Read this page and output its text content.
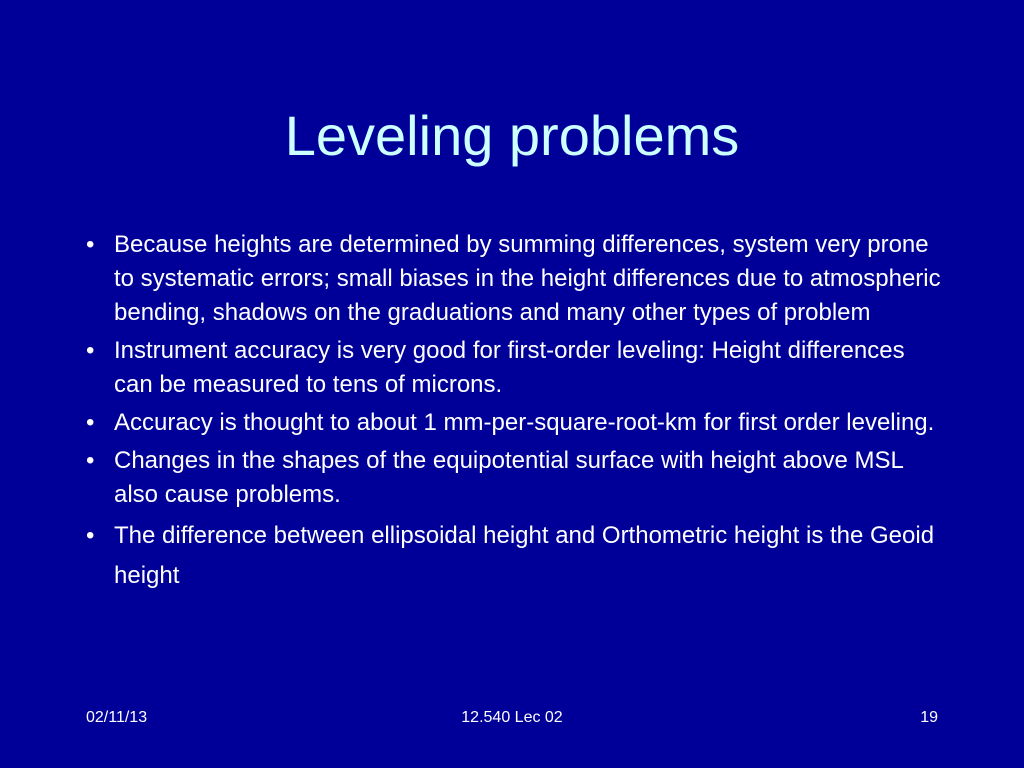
Leveling problems
• Because heights are determined by summing differences, system very prone to systematic errors; small biases in the height differences due to atmospheric bending, shadows on the graduations and many other types of problem
• Instrument accuracy is very good for first-order leveling: Height differences can be measured to tens of microns.
• Accuracy is thought to about 1 mm-per-square-root-km for first order leveling.
• Changes in the shapes of the equipotential surface with height above MSL also cause problems.
• The difference between ellipsoidal height and Orthometric height is the Geoid height
02/11/13	12.540 Lec 02	19
